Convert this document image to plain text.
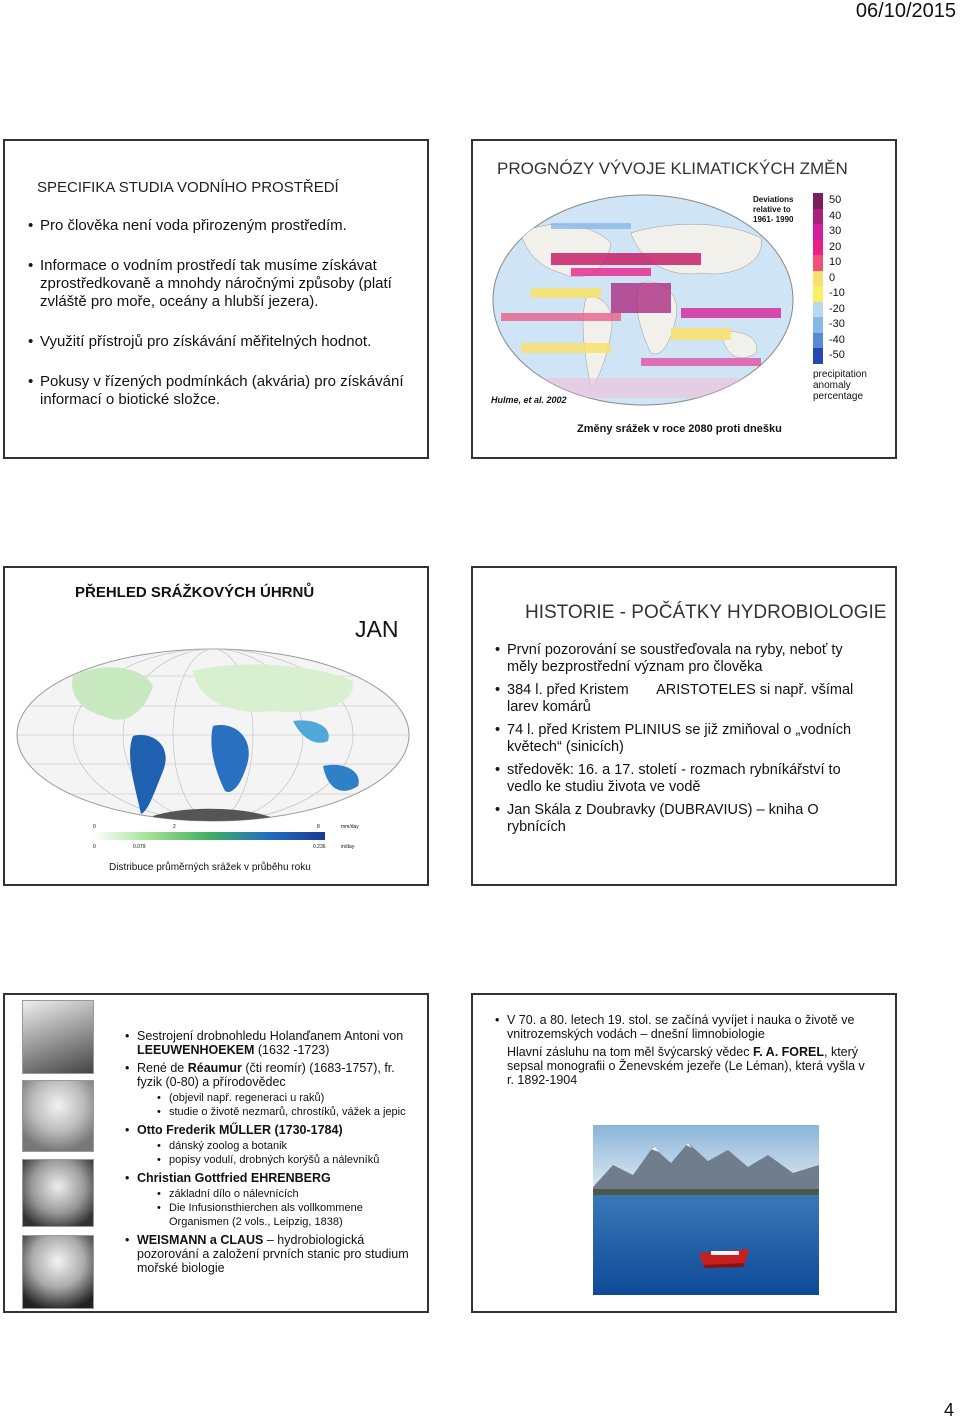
06/10/2015
SPECIFIKA STUDIA VODNÍHO PROSTŘEDÍ
• Pro člověka není voda přirozeným prostředím.
• Informace o vodním prostředí tak musíme získávat zprostředkovaně a mnohdy náročnými způsoby (platí zvláště pro moře, oceány a hlubší jezera).
• Využití přístrojů pro získávání měřitelných hodnot.
• Pokusy v řízených podmínkách (akvária) pro získávání informací o biotické složce.
PROGNÓZY VÝVOJE KLIMATICKÝCH ZMĚN
Deviations
relative to
1961- 1990
50
40
30
20
10
0
-10
-20
-30
-40
-50
precipitation
anomaly
percentage
Hulme, et al. 2002
Změny srážek v roce 2080 proti dnešku
PŘEHLED SRÁŽKOVÝCH ÚHRNŮ
JAN
0	2	8	mm/day
0	0.079	0.236	in/day
Distribuce průměrných srážek v průběhu roku
HISTORIE - POČÁTKY HYDROBIOLOGIE
• První pozorování se soustřeďovala na ryby, neboť ty měly bezprostřední význam pro člověka
• 384 l. před Kristem       ARISTOTELES si např. všímal larev komárů
• 74 l. před Kristem PLINIUS se již zmiňoval o „vodních květech“ (sinicích)
• středověk: 16. a 17. století - rozmach rybníkářství to vedlo ke studiu života ve vodě
• Jan Skála z Doubravky (DUBRAVIUS) – kniha O rybnících
• Sestrojení drobnohledu Holanďanem Antoni von LEEUWENHOEKEM (1632 -1723)
• René de Réaumur (čti reomír) (1683-1757), fr. fyzik (0-80) a přírodovědec
• (objevil např. regeneraci u raků)
• studie o životě nezmarů, chrostíků, vážek a jepic
• Otto Frederik MŰLLER (1730-1784)
• dánský zoolog a botanik
• popisy vodulí, drobných korýšů a nálevníků
• Christian Gottfried EHRENBERG
• základní dílo o nálevnících
• Die Infusionsthierchen als vollkommene Organismen (2 vols., Leipzig, 1838)
• WEISMANN a CLAUS – hydrobiologická pozorování a založení prvních stanic pro studium mořské biologie
• V 70. a 80. letech 19. stol. se začíná vyvíjet i nauka o životě ve vnitrozemských vodách – dnešní limnobiologie

Hlavní zásluhu na tom měl švýcarský vědec F. A. FOREL, který sepsal monografii o Ženevském jezeře (Le Léman), která vyšla v r. 1892-1904

4
